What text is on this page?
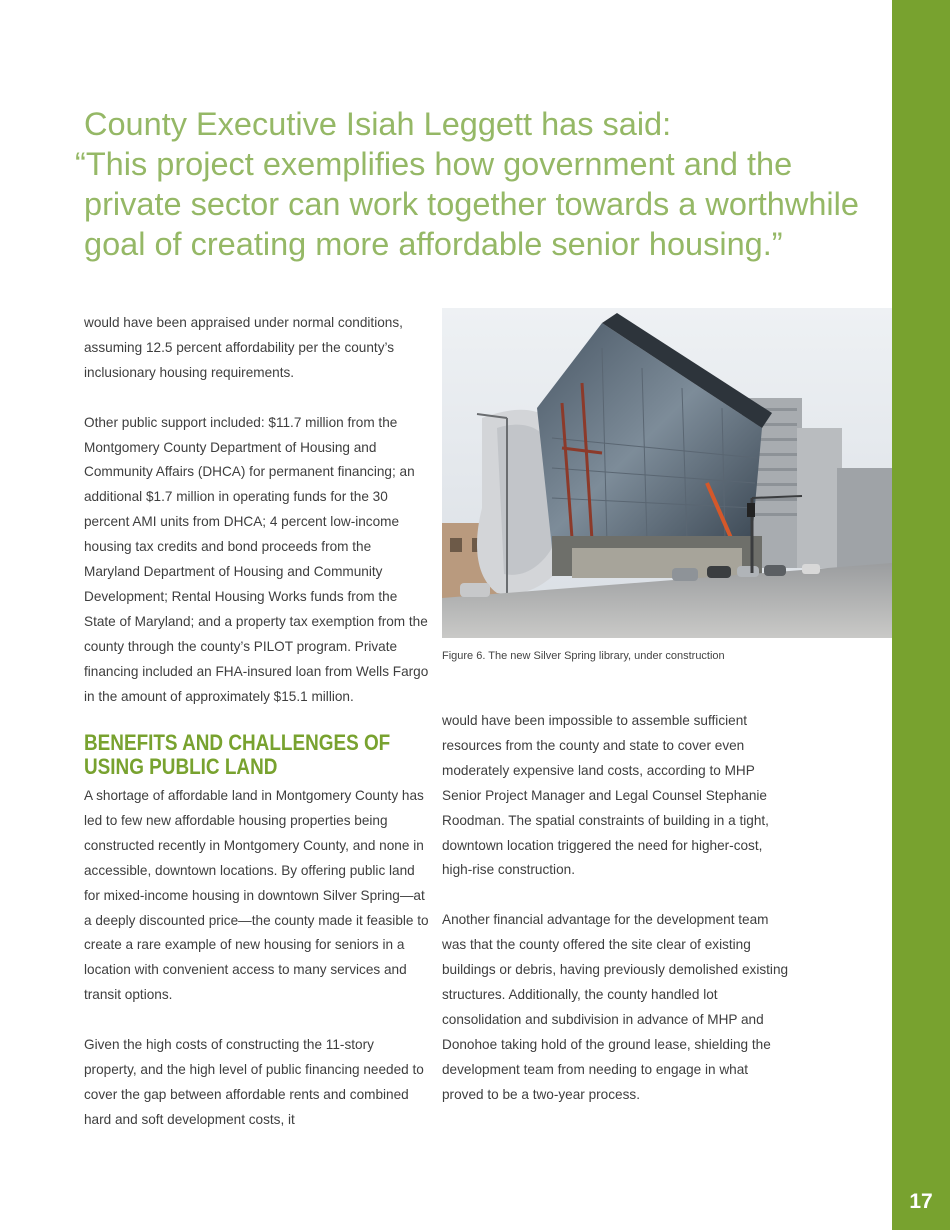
17
County Executive Isiah Leggett has said:
“This project exemplifies how government and the
private sector can work together towards a worthwhile
goal of creating more affordable senior housing.”

would have been appraised under normal conditions, assuming 12.5 percent affordability per the county’s inclusionary housing requirements.

Other public support included: $11.7 million from the Montgomery County Department of Housing and Community Affairs (DHCA) for permanent financing; an additional $1.7 million in operating funds for the 30 percent AMI units from DHCA; 4 percent low-income housing tax credits and bond proceeds from the Maryland Department of Housing and Community Development; Rental Housing Works funds from the State of Maryland; and a property tax exemption from the county through the county’s PILOT program. Private financing included an FHA-insured loan from Wells Fargo in the amount of approximately $15.1 million.

BENEFITS AND CHALLENGES OF
USING PUBLIC LAND

A shortage of affordable land in Montgomery County has led to few new affordable housing properties being constructed recently in Montgomery County, and none in accessible, downtown locations. By offering public land for mixed-income housing in downtown Silver Spring—at a deeply discounted price—the county made it feasible to create a rare example of new housing for seniors in a location with convenient access to many services and transit options.

Given the high costs of constructing the 11-story property, and the high level of public financing needed to cover the gap between affordable rents and combined hard and soft development costs, it

Figure 6. The new Silver Spring library, under construction

would have been impossible to assemble sufficient resources from the county and state to cover even moderately expensive land costs, according to MHP Senior Project Manager and Legal Counsel Stephanie Roodman. The spatial constraints of building in a tight, downtown location triggered the need for higher-cost, high-rise construction.

Another financial advantage for the development team was that the county offered the site clear of existing buildings or debris, having previously demolished existing structures. Additionally, the county handled lot consolidation and subdivision in advance of MHP and Donohoe taking hold of the ground lease, shielding the development team from needing to engage in what proved to be a two-year process.
